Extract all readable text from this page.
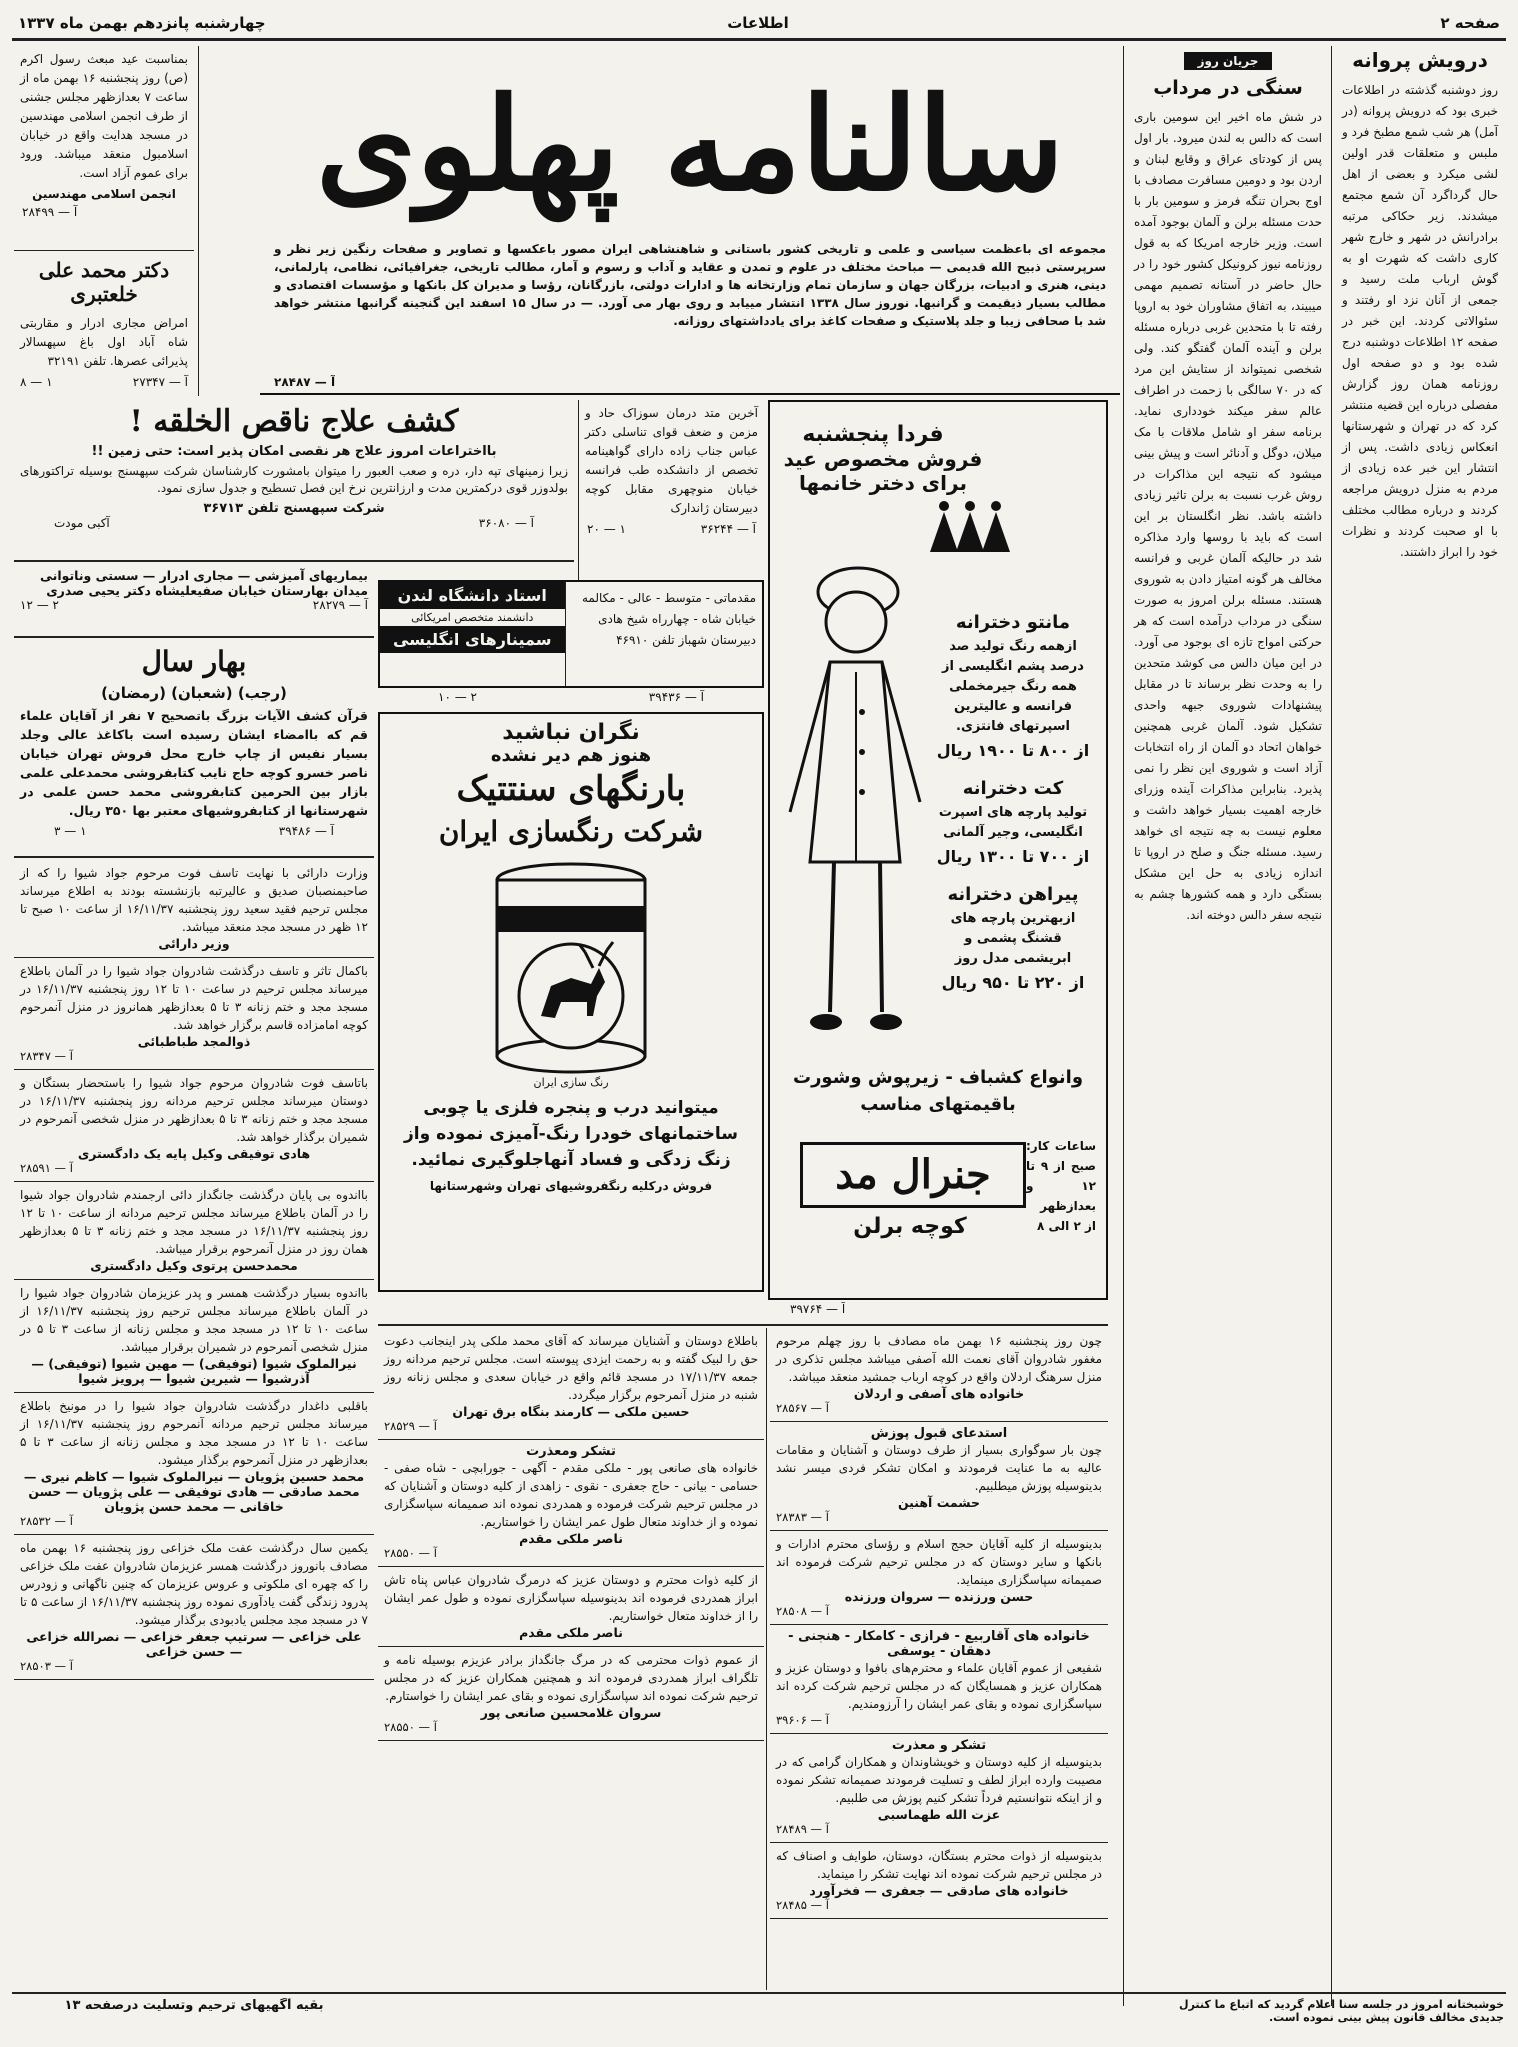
صفحه ۲
اطلاعات
چهارشنبه پانزدهم بهمن ماه ۱۳۳۷
درویش پروانه
روز دوشنبه گذشته در اطلاعات خبری بود که درویش پروانه (در آمل) هر شب شمع مطبخ فرد و ملبس و متعلقات قدر اولین لشی میکرد و بعضی از اهل حال گرداگرد آن شمع مجتمع میشدند. زیر حکاکی مرتبه برادرانش در شهر و خارج شهر کاری داشت که شهرت او به گوش ارباب ملت رسید و جمعی از آنان نزد او رفتند و سئوالاتی کردند. این خبر در صفحه ۱۲ اطلاعات دوشنبه درج شده بود و دو صفحه اول روزنامه همان روز گزارش مفصلی درباره این قضیه منتشر کرد که در تهران و شهرستانها انعکاس زیادی داشت. پس از انتشار این خبر عده زیادی از مردم به منزل درویش مراجعه کردند و درباره مطالب مختلف با او صحبت کردند و نظرات خود را ابراز داشتند.
جریان روز
سنگی در مرداب
در شش ماه اخیر این سومین باری است که دالس به لندن میرود. بار اول پس از کودتای عراق و وقایع لبنان و اردن بود و دومین مسافرت مصادف با اوج بحران تنگه فرمز و سومین بار با حدت مسئله برلن و آلمان بوجود آمده است. وزیر خارجه امریکا که به قول روزنامه نیوز کرونیکل کشور خود را در حال حاضر در آستانه تصمیم مهمی میبیند، به اتفاق مشاوران خود به اروپا رفته تا با متحدین غربی درباره مسئله برلن و آینده آلمان گفتگو کند. ولی شخصی نمیتواند از ستایش این مرد که در ۷۰ سالگی با زحمت در اطراف عالم سفر میکند خودداری نماید. برنامه سفر او شامل ملاقات با مک میلان، دوگل و آدنائر است و پیش بینی میشود که نتیجه این مذاکرات در روش غرب نسبت به برلن تاثیر زیادی داشته باشد. نظر انگلستان بر این است که باید با روسها وارد مذاکره شد در حالیکه آلمان غربی و فرانسه مخالف هر گونه امتیاز دادن به شوروی هستند. مسئله برلن امروز به صورت سنگی در مرداب درآمده است که هر حرکتی امواج تازه ای بوجود می آورد. در این میان دالس می کوشد متحدین را به وحدت نظر برساند تا در مقابل پیشنهادات شوروی جبهه واحدی تشکیل شود. آلمان غربی همچنین خواهان اتحاد دو آلمان از راه انتخابات آزاد است و شوروی این نظر را نمی پذیرد. بنابراین مذاکرات آینده وزرای خارجه اهمیت بسیار خواهد داشت و معلوم نیست به چه نتیجه ای خواهد رسید. مسئله جنگ و صلح در اروپا تا اندازه زیادی به حل این مشکل بستگی دارد و همه کشورها چشم به نتیجه سفر دالس دوخته اند.
سالنامه پهلوی
مجموعه ای باعظمت سیاسی و علمی و تاریخی کشور باستانی و شاهنشاهی ایران مصور باعکسها و تصاویر و صفحات رنگین زیر نظر و سرپرستی ذبیح الله قدیمی — مباحث مختلف در علوم و تمدن و عقاید و آداب و رسوم و آمار، مطالب تاریخی، جغرافیائی، نظامی، پارلمانی، دینی، هنری و ادبیات، بزرگان جهان و سازمان تمام وزارتخانه ها و ادارات دولتی، بازرگانان، رؤسا و مدیران کل بانکها و مؤسسات اقتصادی و مطالب بسیار ذیقیمت و گرانبها. نوروز سال ۱۳۳۸ انتشار مییابد و روی بهار می آورد. — در سال ۱۵ اسفند این گنجینه گرانبها منتشر خواهد شد با صحافی زیبا و جلد پلاستیک و صفحات کاغذ برای یادداشتهای روزانه.
آ — ۲۸۴۸۷
بمناسبت عید مبعث رسول اکرم (ص) روز پنجشنبه ۱۶ بهمن ماه از ساعت ۷ بعدازظهر مجلس جشنی از طرف انجمن اسلامی مهندسین در مسجد هدایت واقع در خیابان اسلامبول منعقد میباشد. ورود برای عموم آزاد است.
انجمن اسلامی مهندسین
آ — ۲۸۴۹۹
دکتر محمد علی خلعتبری
امراض مجاری ادرار و مقاربتی شاه آباد اول باغ سپهسالار پذیرائی عصرها. تلفن ۳۲۱۹۱
آ — ۲۷۳۴۷
۱ — ۸
کشف علاج ناقص الخلقه !
بااختراعات امروز علاج هر نقصی امکان پذیر است: حتی زمین !!
زیرا زمینهای تپه دار، دره و صعب العبور را میتوان بامشورت کارشناسان شرکت سپهسنج بوسیله تراکتورهای بولدوزر قوی درکمترین مدت و ارزانترین نرخ این فصل تسطیح و جدول سازی نمود.
شرکت سپهسنج تلفن ۳۶۷۱۳
آ — ۳۶۰۸۰
آکبی مودت
آخرین متد درمان سوزاک حاد و مزمن و ضعف قوای تناسلی دکتر عباس جناب زاده دارای گواهینامه تخصص از دانشکده طب فرانسه خیابان منوچهری مقابل کوچه دبیرستان ژاندارک
آ — ۳۶۲۴۴
۱ — ۲۰
بیماریهای آمیزشی — مجاری ادرار — سستی وناتوانی
میدان بهارستان خیابان صفیعلیشاه دکتر یحیی صدری
آ — ۲۸۲۷۹
۲ — ۱۲	مقدماتی - متوسط - عالی - مکالمه خیابان شاه - چهارراه شیخ هادی دبیرستان شهباز تلفن ۴۶۹۱۰
استاد دانشگاه لندن
دانشمند متخصص امریکائی
سمینارهای انگلیسی
آ — ۳۹۴۳۶
۲ — ۱۰
بهار سال
(رجب) (شعبان) (رمضان)
قرآن کشف الآیات بزرگ باتصحیح ۷ نفر از آقایان علماء قم که باامضاء ایشان رسیده است باکاغذ عالی وجلد بسیار نفیس از چاپ خارج محل فروش تهران خیابان ناصر خسرو کوچه حاج نایب کتابفروشی محمدعلی علمی بازار بین الحرمین کتابفروشی محمد حسن علمی در شهرستانها از کتابفروشیهای معتبر بها ۳۵۰ ریال.
آ — ۳۹۴۸۶
۱ — ۳
وزارت دارائی با نهایت تاسف فوت مرحوم جواد شیوا را که از صاحبمنصبان صدیق و عالیرتبه بازنشسته بودند به اطلاع میرساند مجلس ترحیم فقید سعید روز پنجشنبه ۱۶/۱۱/۳۷ از ساعت ۱۰ صبح تا ۱۲ ظهر در مسجد مجد منعقد میباشد.
وزیر دارائی
باکمال تاثر و تاسف درگذشت شادروان جواد شیوا را در آلمان باطلاع میرساند مجلس ترحیم در ساعت ۱۰ تا ۱۲ روز پنجشنبه ۱۶/۱۱/۳۷ در مسجد مجد و ختم زنانه ۳ تا ۵ بعدازظهر همانروز در منزل آنمرحوم کوچه امامزاده قاسم برگزار خواهد شد.
ذوالمجد طباطبائی
آ — ۲۸۳۴۷
باتاسف فوت شادروان مرحوم جواد شیوا را باستحضار بستگان و دوستان میرساند مجلس ترحیم مردانه روز پنجشنبه ۱۶/۱۱/۳۷ در مسجد مجد و ختم زنانه ۳ تا ۵ بعدازظهر در منزل شخصی آنمرحوم در شمیران برگذار خواهد شد.
هادی توفیقی وکیل پایه یک دادگستری
آ — ۲۸۵۹۱
بااندوه بی پایان درگذشت جانگداز دائی ارجمندم شادروان جواد شیوا را در آلمان باطلاع میرساند مجلس ترحیم مردانه از ساعت ۱۰ تا ۱۲ روز پنجشنبه ۱۶/۱۱/۳۷ در مسجد مجد و ختم زنانه ۳ تا ۵ بعدازظهر همان روز در منزل آنمرحوم برقرار میباشد.
محمدحسن پرتوی وکیل دادگستری
بااندوه بسیار درگذشت همسر و پدر عزیزمان شادروان جواد شیوا را در آلمان باطلاع میرساند مجلس ترحیم روز پنجشنبه ۱۶/۱۱/۳۷ از ساعت ۱۰ تا ۱۲ در مسجد مجد و مجلس زنانه از ساعت ۳ تا ۵ در منزل شخصی آنمرحوم در شمیران برقرار میباشد.
نیرالملوک شیوا (توفیقی) — مهین شیوا (توفیقی) — آذرشیوا — شیرین شیوا — پرویز شیوا
باقلبی داغدار درگذشت شادروان جواد شیوا را در مونیخ باطلاع میرساند مجلس ترحیم مردانه آنمرحوم روز پنجشنبه ۱۶/۱۱/۳۷ از ساعت ۱۰ تا ۱۲ در مسجد مجد و مجلس زنانه از ساعت ۳ تا ۵ بعدازظهر در منزل آنمرحوم برگذار میشود.
محمد حسین پژویان — نیرالملوک شیوا — کاظم نیری — محمد صادقی — هادی توفیقی — علی پژویان — حسن خاقانی — محمد حسن پژویان
آ — ۲۸۵۳۲
یکمین سال درگذشت عفت ملک خزاعی روز پنجشنبه ۱۶ بهمن ماه مصادف بانوروز درگذشت همسر عزیزمان شادروان عفت ملک خزاعی را که چهره ای ملکوتی و عروس عزیزمان که چنین ناگهانی و زودرس پدرود زندگی گفت یادآوری نموده روز پنجشنبه ۱۶/۱۱/۳۷ از ساعت ۵ تا ۷ در مسجد مجد مجلس یادبودی برگذار میشود.
علی خزاعی — سرتیپ جعفر خزاعی — نصرالله خزاعی — حسن خزاعی
آ — ۲۸۵۰۳
نگران نباشید
هنوز هم دیر نشده
بارنگهای سنتتیک
شرکت رنگسازی ایران
رنگ سازی ایران
میتوانید درب و پنجره فلزی یا چوبی ساختمانهای خودرا رنگ‑آمیزی نموده واز زنگ زدگی و فساد آنهاجلوگیری نمائید.
فروش درکلیه رنگفروشیهای تهران وشهرستانها
فردا پنجشنبه
فروش مخصوص عید
برای دختر خانمها
مانتو دخترانه
ازهمه رنگ تولید صد درصد پشم انگلیسی از همه رنگ جیرمخملی فرانسه و عالیترین اسپرتهای فانتزی.
از ۸۰۰ تا ۱۹۰۰ ریال
کت دخترانه
تولید پارچه های اسپرت انگلیسی، وجیر آلمانی
از ۷۰۰ تا ۱۳۰۰ ریال
پیراهن دخترانه
ازبهترین پارچه های قشنگ پشمی و ابریشمی مدل روز
از ۲۲۰ تا ۹۵۰ ریال
وانواع کشباف - زیرپوش وشورت
باقیمتهای مناسب
ساعات کار: صبح از ۹ تا ۱۲ و بعدازظهر از ۲ الی ۸
جنرال مد
کوچه برلن
آ — ۳۹۷۶۴
باطلاع دوستان و آشنایان میرساند که آقای محمد ملکی پدر اینجانب دعوت حق را لبیک گفته و به رحمت ایزدی پیوسته است. مجلس ترحیم مردانه روز جمعه ۱۷/۱۱/۳۷ در مسجد قائم واقع در خیابان سعدی و مجلس زنانه روز شنبه در منزل آنمرحوم برگزار میگردد.
حسین ملکی — کارمند بنگاه برق تهران
آ — ۲۸۵۲۹
تشکر ومعذرت
خانواده های صانعی پور - ملکی مقدم - آگهی - جورابچی - شاه صفی - حسامی - بیانی - حاج جعفری - نقوی - زاهدی از کلیه دوستان و آشنایان که در مجلس ترحیم شرکت فرموده و همدردی نموده اند صمیمانه سپاسگزاری نموده و از خداوند متعال طول عمر ایشان را خواستاریم.
ناصر ملکی مقدم
آ — ۲۸۵۵۰
از کلیه ذوات محترم و دوستان عزیز که درمرگ شادروان عباس پناه تاش ابراز همدردی فرموده اند بدینوسیله سپاسگزاری نموده و طول عمر ایشان را از خداوند متعال خواستاریم.
ناصر ملکی مقدم
از عموم ذوات محترمی که در مرگ جانگداز برادر عزیزم بوسیله نامه و تلگراف ابراز همدردی فرموده اند و همچنین همکاران عزیز که در مجلس ترحیم شرکت نموده اند سپاسگزاری نموده و بقای عمر ایشان را خواستارم.
سروان غلامحسین صانعی پور
آ — ۲۸۵۵۰
چون روز پنجشنبه ۱۶ بهمن ماه مصادف با روز چهلم مرحوم مغفور شادروان آقای نعمت الله آصفی میباشد مجلس تذکری در منزل سرهنگ اردلان واقع در کوچه ارباب جمشید منعقد میباشد.
خانواده های آصفی و اردلان
آ — ۲۸۵۶۷
استدعای قبول پوزش
چون بار سوگواری بسیار از طرف دوستان و آشنایان و مقامات عالیه به ما عنایت فرمودند و امکان تشکر فردی میسر نشد بدینوسیله پوزش میطلبیم.
حشمت آهنین
آ — ۲۸۳۸۳
بدینوسیله از کلیه آقایان حجج اسلام و رؤسای محترم ادارات و بانکها و سایر دوستان که در مجلس ترحیم شرکت فرموده اند صمیمانه سپاسگزاری مینماید.
حسن ورزنده — سروان ورزنده
آ — ۲۸۵۰۸
خانواده های آقاربیع - فرازی - کامکار - هنجنی - دهقان - یوسفی
شفیعی از عموم آقایان علماء و محترم‌های بافوا و دوستان عزیز و همکاران عزیز و همسایگان که در مجلس ترحیم شرکت کرده اند سپاسگزاری نموده و بقای عمر ایشان را آرزومندیم.
آ — ۳۹۶۰۶
تشکر و معذرت
بدینوسیله از کلیه دوستان و خویشاوندان و همکاران گرامی که در مصیبت وارده ابراز لطف و تسلیت فرمودند صمیمانه تشکر نموده و از اینکه نتوانستیم فرداً تشکر کنیم پوزش می طلبیم.
عزت الله طهماسبی
آ — ۲۸۴۸۹
بدینوسیله از ذوات محترم بستگان، دوستان، طوایف و اصناف که در مجلس ترحیم شرکت نموده اند نهایت تشکر را مینماید.
خانواده های صادقی — جعفری — فخرآورد
آ — ۲۸۴۸۵
بقیه آگهیهای ترحیم وتسلیت درصفحه ۱۳	خوشبختانه امروز در جلسه سنا اعلام گردید که اتباع ما کنترل جدیدی مخالف قانون پیش بینی نموده است.
